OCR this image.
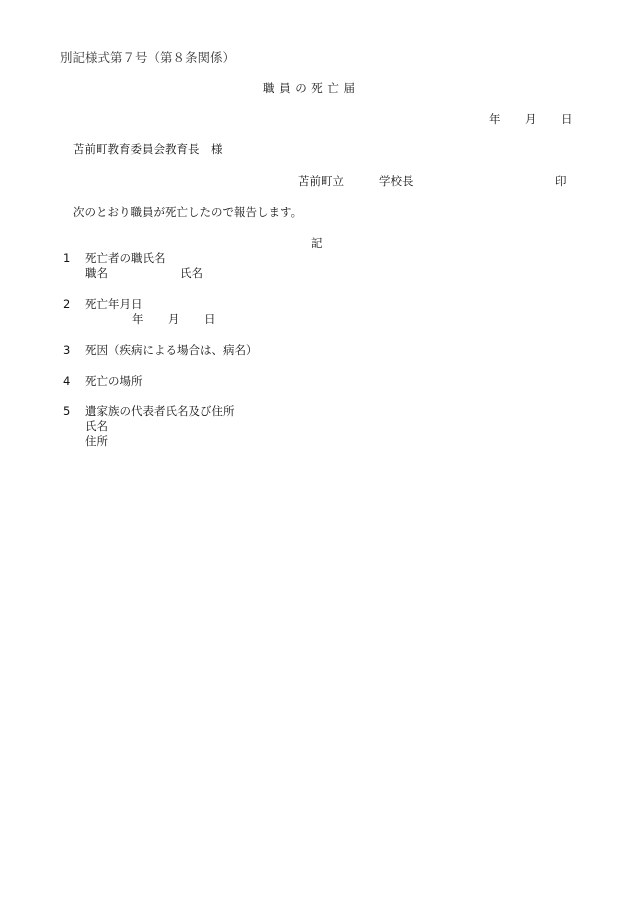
別記様式第７号（第８条関係）
職員の死亡届
年 月 日
苫前町教育委員会教育長　様
苫前町立	学校長	印
次のとおり職員が死亡したので報告します。
記
1 死亡者の職氏名
職名	氏名
2 死亡年月日
年 月 日
3 死因（疾病による場合は、病名）
4 死亡の場所
5 遺家族の代表者氏名及び住所
氏名
住所
